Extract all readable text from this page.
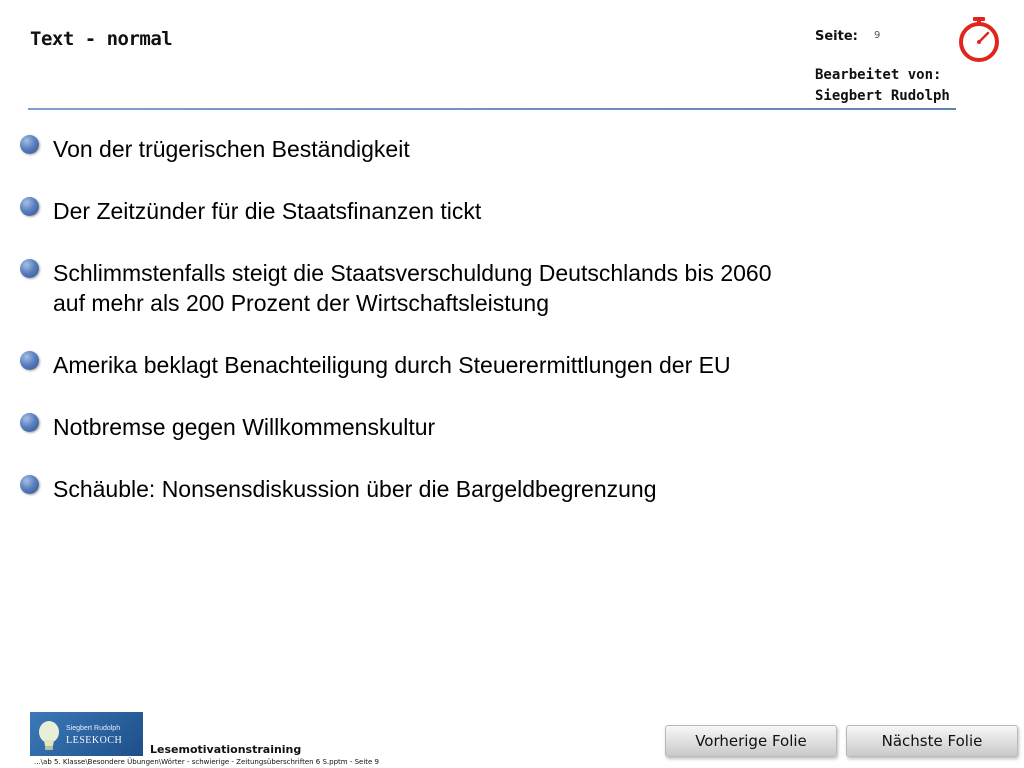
Text - normal	Seite: 9
Bearbeitet von:
Siegbert Rudolph
Von der trügerischen Beständigkeit
Der Zeitzünder für die Staatsfinanzen tickt
Schlimmstenfalls steigt die Staatsverschuldung Deutschlands bis 2060
auf mehr als 200 Prozent der Wirtschaftsleistung
Amerika beklagt Benachteiligung durch Steuerermittlungen der EU
Notbremse gegen Willkommenskultur
Schäuble: Nonsensdiskussion über die Bargeldbegrenzung
Siegbert Rudolph
LESEKOCH
Lesemotivationstraining
...\ab 5. Klasse\Besondere Übungen\Wörter - schwierige - Zeitungsüberschriften 6 S.pptm - Seite 9
Vorherige Folie	Nächste Folie
